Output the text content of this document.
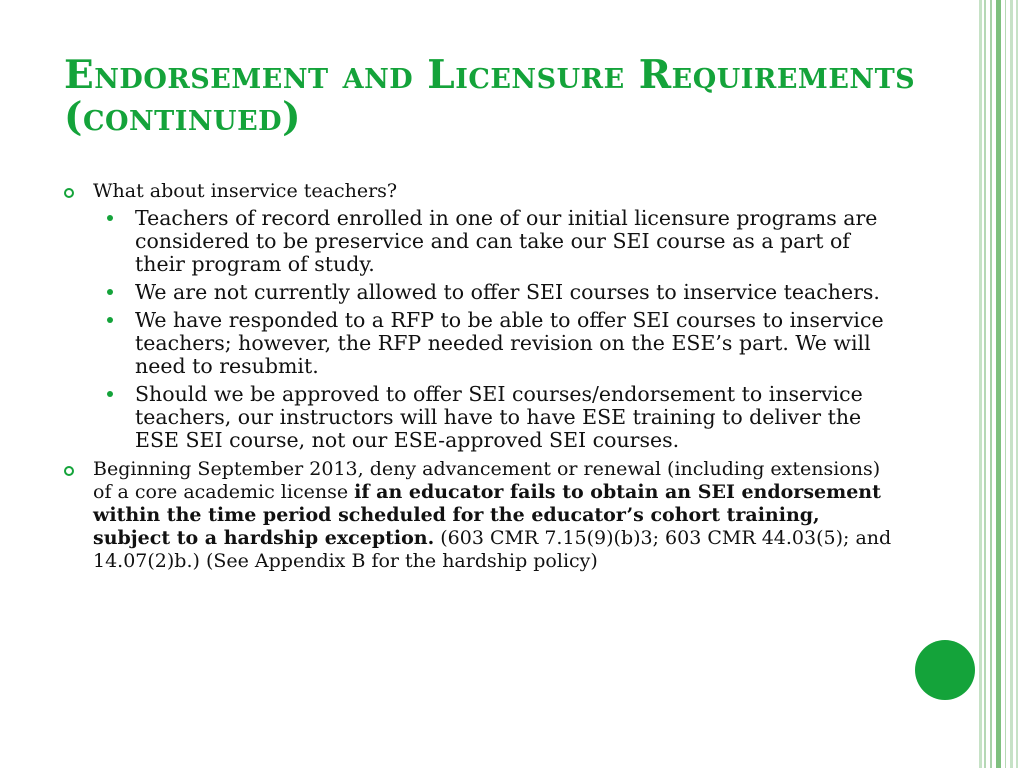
Endorsement and Licensure Requirements (continued)
What about inservice teachers?
Teachers of record enrolled in one of our initial licensure programs are considered to be preservice and can take our SEI course as a part of their program of study.
We are not currently allowed to offer SEI courses to inservice teachers.
We have responded to a RFP to be able to offer SEI courses to inservice teachers; however, the RFP needed revision on the ESE’s part. We will need to resubmit.
Should we be approved to offer SEI courses/endorsement to inservice teachers, our instructors will have to have ESE training to deliver the ESE SEI course, not our ESE-approved SEI courses.
Beginning September 2013, deny advancement or renewal (including extensions) of a core academic license if an educator fails to obtain an SEI endorsement within the time period scheduled for the educator’s cohort training, subject to a hardship exception. (603 CMR 7.15(9)(b)3; 603 CMR 44.03(5); and 14.07(2)b.) (See Appendix B for the hardship policy)
